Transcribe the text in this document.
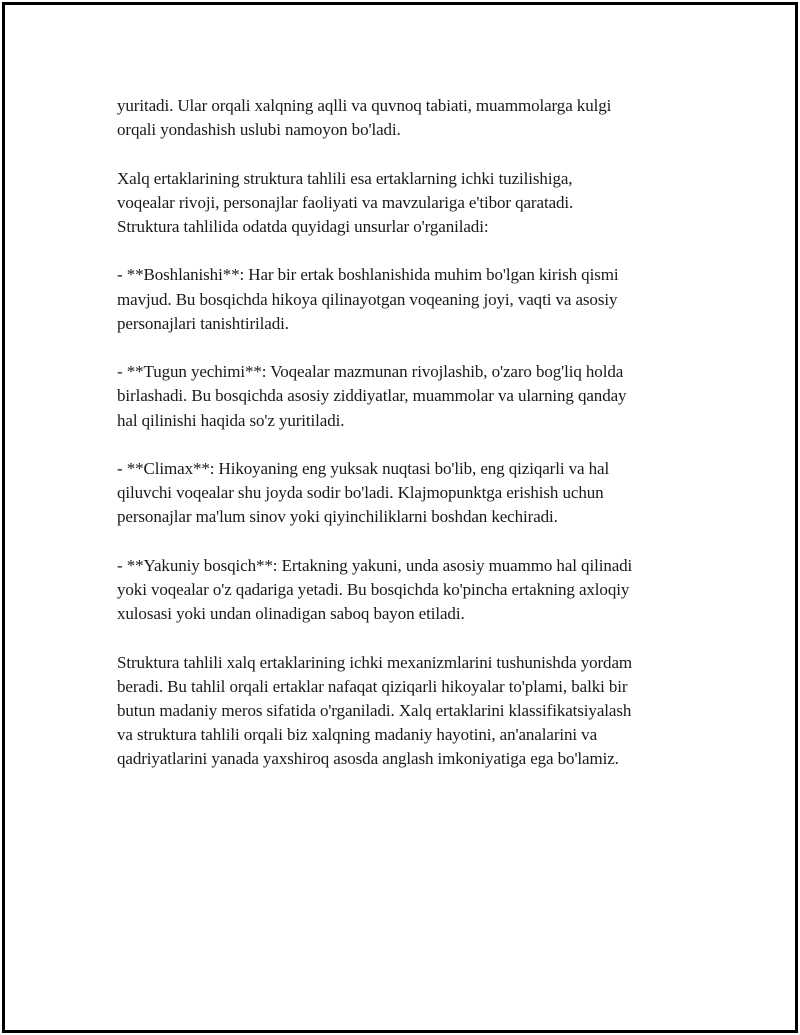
yuritadi. Ular orqali xalqning aqlli va quvnoq tabiati, muammolarga kulgi
orqali yondashish uslubi namoyon bo'ladi.

Xalq ertaklarining struktura tahlili esa ertaklarning ichki tuzilishiga,
voqealar rivoji, personajlar faoliyati va mavzulariga e'tibor qaratadi.
Struktura tahlilida odatda quyidagi unsurlar o'rganiladi:

- **Boshlanishi**: Har bir ertak boshlanishida muhim bo'lgan kirish qismi
mavjud. Bu bosqichda hikoya qilinayotgan voqeaning joyi, vaqti va asosiy
personajlari tanishtiriladi.

- **Tugun yechimi**: Voqealar mazmunan rivojlashib, o'zaro bog'liq holda
birlashadi. Bu bosqichda asosiy ziddiyatlar, muammolar va ularning qanday
hal qilinishi haqida so'z yuritiladi.

- **Climax**: Hikoyaning eng yuksak nuqtasi bo'lib, eng qiziqarli va hal
qiluvchi voqealar shu joyda sodir bo'ladi. Klajmopunktga erishish uchun
personajlar ma'lum sinov yoki qiyinchiliklarni boshdan kechiradi.

- **Yakuniy bosqich**: Ertakning yakuni, unda asosiy muammo hal qilinadi
yoki voqealar o'z qadariga yetadi. Bu bosqichda ko'pincha ertakning axloqiy
xulosasi yoki undan olinadigan saboq bayon etiladi.

Struktura tahlili xalq ertaklarining ichki mexanizmlarini tushunishda yordam
beradi. Bu tahlil orqali ertaklar nafaqat qiziqarli hikoyalar to'plami, balki bir
butun madaniy meros sifatida o'rganiladi. Xalq ertaklarini klassifikatsiyalash
va struktura tahlili orqali biz xalqning madaniy hayotini, an'analarini va
qadriyatlarini yanada yaxshiroq asosda anglash imkoniyatiga ega bo'lamiz.
